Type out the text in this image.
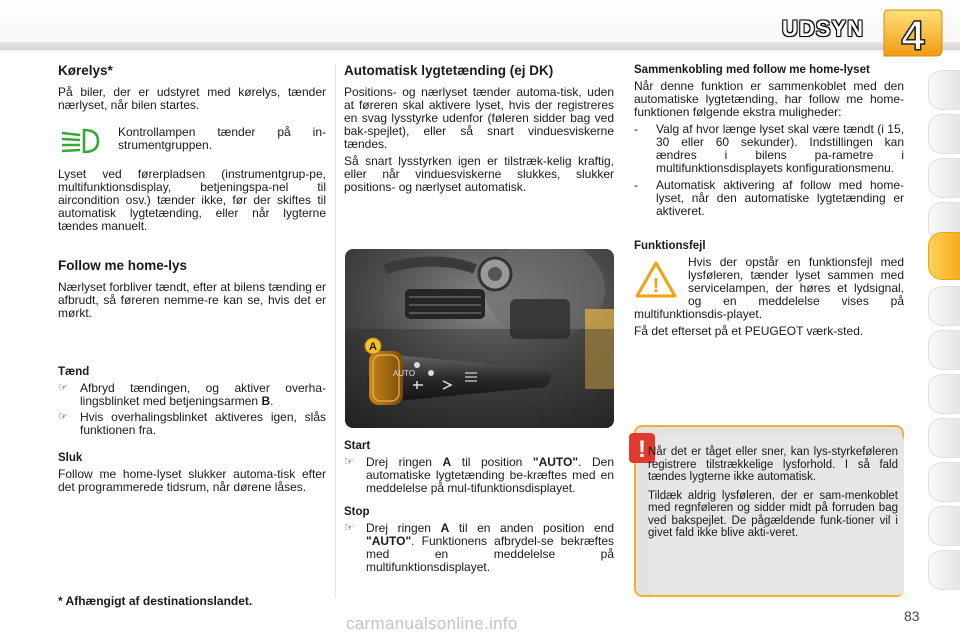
UDSYN 4
Kørelys*

På biler, der er udstyret med kørelys, tænder nærlyset, når bilen startes.

Kontrollampen tænder på in-strumentgruppen.

Lyset ved førerpladsen (instrumentgrup-pe, multifunktionsdisplay, betjeningspa-nel til aircondition osv.) tænder ikke, før der skiftes til automatisk lygtetænding, eller når lygterne tændes manuelt.

Follow me home-lys

Nærlyset forbliver tændt, efter at bilens tænding er afbrudt, så føreren nemme-re kan se, hvis det er mørkt.

Tænd
☞	Afbryd tændingen, og aktiver overha-lingsblinket med betjeningsarmen B.
☞	Hvis overhalingsblinket aktiveres igen, slås funktionen fra.
Sluk

Follow me home-lyset slukker automa-tisk efter det programmerede tidsrum, når dørene låses.

* Afhængigt af destinationslandet.
Automatisk lygtetænding (ej DK)

Positions- og nærlyset tænder automa-tisk, uden at føreren skal aktivere lyset, hvis der registreres en svag lysstyrke udenfor (føleren sidder bag ved bak-spejlet), eller så snart vinduesviskerne tændes.

Så snart lysstyrken igen er tilstræk-kelig kraftig, eller når vinduesviskerne slukkes, slukker positions- og nærlyset automatisk.

A
AUTO
Start
☞	Drej ringen A til position "AUTO". Den automatiske lygtetænding be-kræftes med en meddelelse på mul-tifunktionsdisplayet.
Stop
☞	Drej ringen A til en anden position end "AUTO". Funktionens afbrydel-se bekræftes med en meddelelse på multifunktionsdisplayet.
Sammenkobling med follow me home-lyset

Når denne funktion er sammenkoblet med den automatiske lygtetænding, har follow me home-funktionen følgende ekstra muligheder:

-	Valg af hvor længe lyset skal være tændt (i 15, 30 eller 60 sekunder). Indstillingen kan ændres i bilens pa-rametre i multifunktionsdisplayets konfigurationsmenu.
-	Automatisk aktivering af follow med home-lyset, når den automatiske lygtetænding er aktiveret.
Funktionsfejl

!
Hvis der opstår en funktionsfejl med lysføleren, tænder lyset sammen med servicelampen, der høres et lydsignal, og en meddelelse vises på multifunktionsdis-playet.

Få det efterset på et PEUGEOT værk-sted.

! Når det er tåget eller sner, kan lys-styrkeføleren registrere tilstrækkelige lysforhold. I så fald tændes lygterne ikke automatisk.

Tildæk aldrig lysføleren, der er sam-menkoblet med regnføleren og sidder midt på forruden bag ved bakspejlet. De pågældende funk-tioner vil i givet fald ikke blive akti-veret.

83
carmanualsonline.info
